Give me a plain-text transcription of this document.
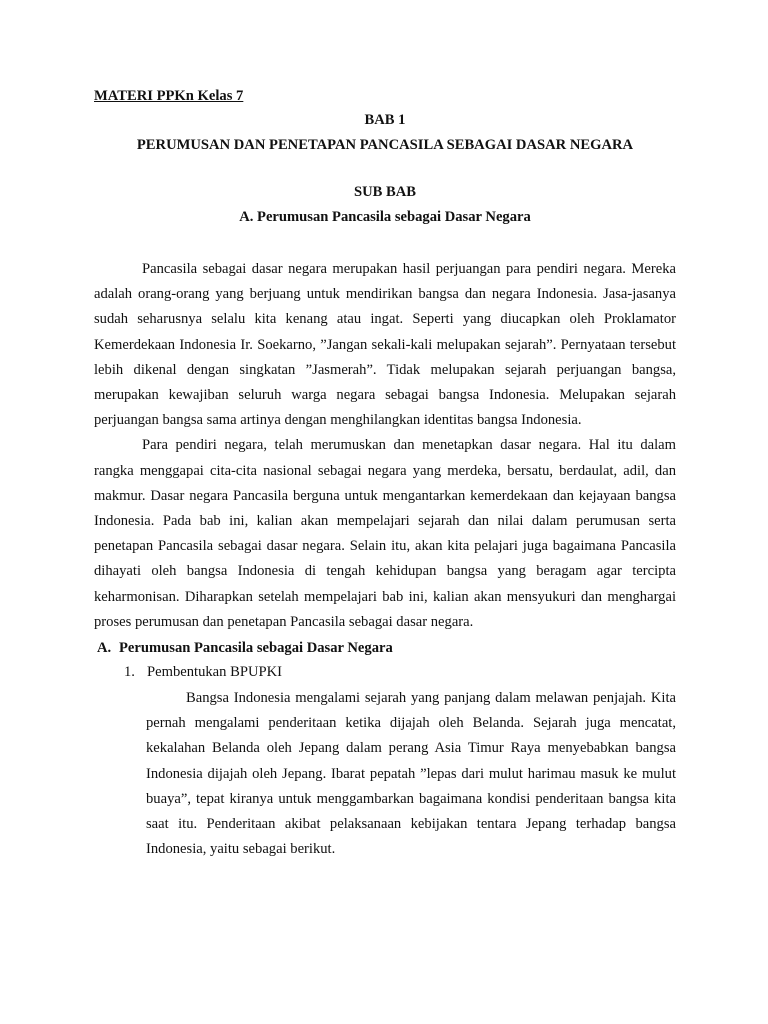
MATERI PPKn Kelas 7

BAB 1

PERUMUSAN DAN PENETAPAN PANCASILA SEBAGAI DASAR NEGARA

SUB BAB

A. Perumusan Pancasila sebagai Dasar Negara

Pancasila sebagai dasar negara merupakan hasil perjuangan para pendiri negara. Mereka adalah orang-orang yang berjuang untuk mendirikan bangsa dan negara Indonesia. Jasa-jasanya sudah seharusnya selalu kita kenang atau ingat. Seperti yang diucapkan oleh Proklamator Kemerdekaan Indonesia Ir. Soekarno, ”Jangan sekali-kali melupakan sejarah”. Pernyataan tersebut lebih dikenal dengan singkatan ”Jasmerah”. Tidak melupakan sejarah perjuangan bangsa, merupakan kewajiban seluruh warga negara sebagai bangsa Indonesia. Melupakan sejarah perjuangan bangsa sama artinya dengan menghilangkan identitas bangsa Indonesia.

Para pendiri negara, telah merumuskan dan menetapkan dasar negara. Hal itu dalam rangka menggapai cita-cita nasional sebagai negara yang merdeka, bersatu, berdaulat, adil, dan makmur. Dasar negara Pancasila berguna untuk mengantarkan kemerdekaan dan kejayaan bangsa Indonesia. Pada bab ini, kalian akan mempelajari sejarah dan nilai dalam perumusan serta penetapan Pancasila sebagai dasar negara. Selain itu, akan kita pelajari juga bagaimana Pancasila dihayati oleh bangsa Indonesia di tengah kehidupan bangsa yang beragam agar tercipta keharmonisan. Diharapkan setelah mempelajari bab ini, kalian akan mensyukuri dan menghargai proses perumusan dan penetapan Pancasila sebagai dasar negara.

A. Perumusan Pancasila sebagai Dasar Negara
1. Pembentukan BPUPKI

Bangsa Indonesia mengalami sejarah yang panjang dalam melawan penjajah. Kita pernah mengalami penderitaan ketika dijajah oleh Belanda. Sejarah juga mencatat, kekalahan Belanda oleh Jepang dalam perang Asia Timur Raya menyebabkan bangsa Indonesia dijajah oleh Jepang. Ibarat pepatah ”lepas dari mulut harimau masuk ke mulut buaya”, tepat kiranya untuk menggambarkan bagaimana kondisi penderitaan bangsa kita saat itu. Penderitaan akibat pelaksanaan kebijakan tentara Jepang terhadap bangsa Indonesia, yaitu sebagai berikut.
